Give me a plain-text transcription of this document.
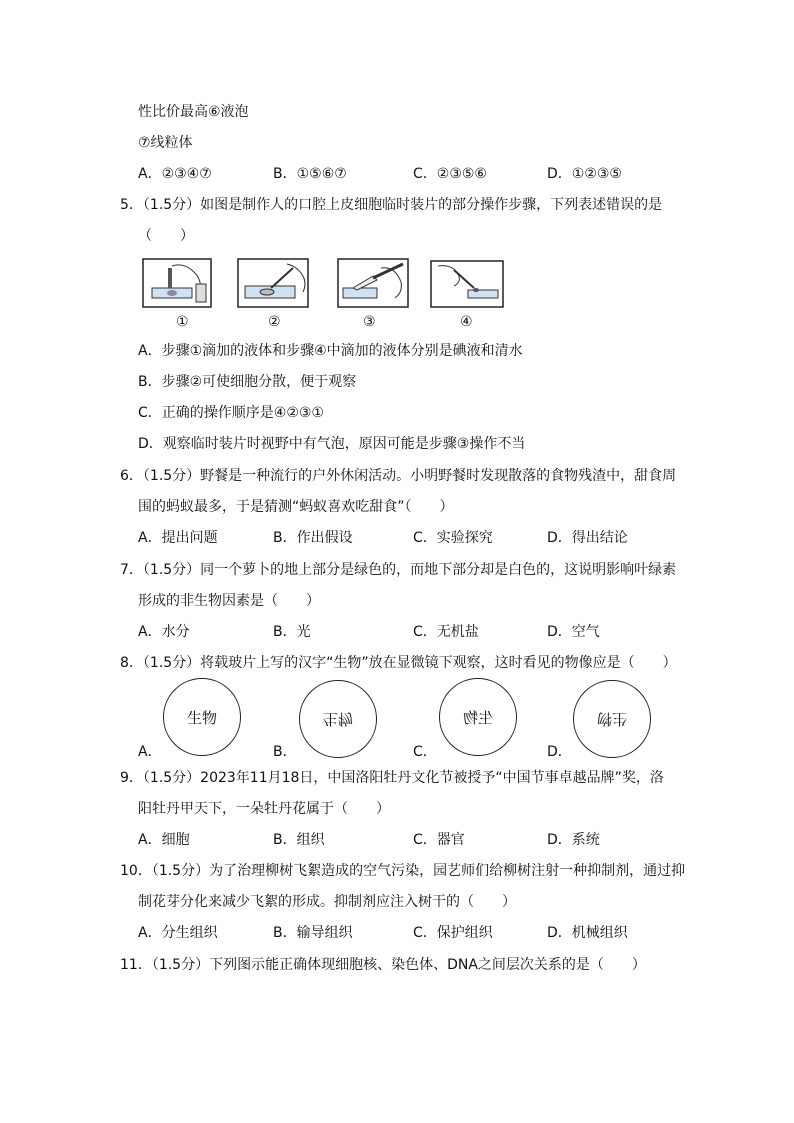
性比价最高⑥液泡
⑦线粒体
A．②③④⑦	B．①⑤⑥⑦	C．②③⑤⑥	D．①②③⑤
5．（1.5分）如图是制作人的口腔上皮细胞临时装片的部分操作步骤，下列表述错误的是
（　　）
①	②	③	④
A．步骤①滴加的液体和步骤④中滴加的液体分别是碘液和清水
B．步骤②可使细胞分散，便于观察
C．正确的操作顺序是④②③①
D．观察临时装片时视野中有气泡，原因可能是步骤③操作不当
6．（1.5分）野餐是一种流行的户外休闲活动。小明野餐时发现散落的食物残渣中，甜食周
围的蚂蚁最多，于是猜测“蚂蚁喜欢吃甜食”（　　）
A．提出问题	B．作出假设	C．实验探究	D．得出结论
7．（1.5分）同一个萝卜的地上部分是绿色的，而地下部分却是白色的，这说明影响叶绿素
形成的非生物因素是（　　）
A．水分	B．光	C．无机盐	D．空气
8．（1.5分）将载玻片上写的汉字“生物”放在显微镜下观察，这时看见的物像应是（　　）
生物	生物	生物	生物
A．	B．	C．	D．
9．（1.5分）2023年11月18日，中国洛阳牡丹文化节被授予“中国节事卓越品牌”奖，洛
阳牡丹甲天下，一朵牡丹花属于（　　）
A．细胞	B．组织	C．器官	D．系统
10．（1.5分）为了治理柳树飞絮造成的空气污染，园艺师们给柳树注射一种抑制剂，通过抑
制花芽分化来减少飞絮的形成。抑制剂应注入树干的（　　）
A．分生组织	B．输导组织	C．保护组织	D．机械组织
11．（1.5分）下列图示能正确体现细胞核、染色体、DNA之间层次关系的是（　　）
